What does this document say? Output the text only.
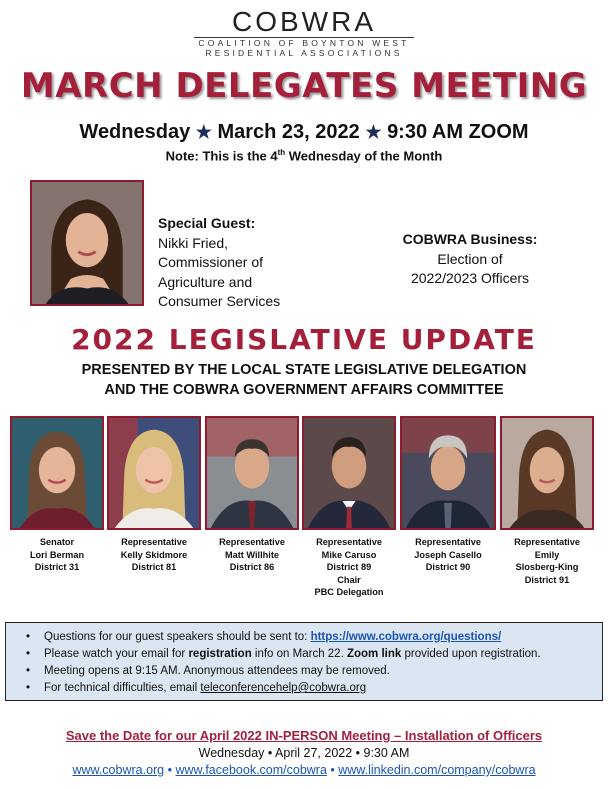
COBWRA
COALITION OF BOYNTON WEST
RESIDENTIAL ASSOCIATIONS
MARCH DELEGATES MEETING
Wednesday ★ March 23, 2022 ★ 9:30 AM ZOOM
Note: This is the 4th Wednesday of the Month
Special Guest:
Nikki Fried,
Commissioner of
Agriculture and
Consumer Services
COBWRA Business:
Election of
2022/2023 Officers
2022 LEGISLATIVE UPDATE
PRESENTED BY THE LOCAL STATE LEGISLATIVE DELEGATION
AND THE COBWRA GOVERNMENT AFFAIRS COMMITTEE
Senator
Lori Berman
District 31
Representative
Kelly Skidmore
District 81
Representative
Matt Willhite
District 86
Representative
Mike Caruso
District 89
Chair
PBC Delegation
Representative
Joseph Casello
District 90
Representative
Emily
Slosberg-King
District 91
• Questions for our guest speakers should be sent to: https://www.cobwra.org/questions/
• Please watch your email for registration info on March 22. Zoom link provided upon registration.
• Meeting opens at 9:15 AM. Anonymous attendees may be removed.
• For technical difficulties, email teleconferencehelp@cobwra.org
Save the Date for our April 2022 IN-PERSON Meeting – Installation of Officers
Wednesday • April 27, 2022 • 9:30 AM
www.cobwra.org • www.facebook.com/cobwra • www.linkedin.com/company/cobwra
